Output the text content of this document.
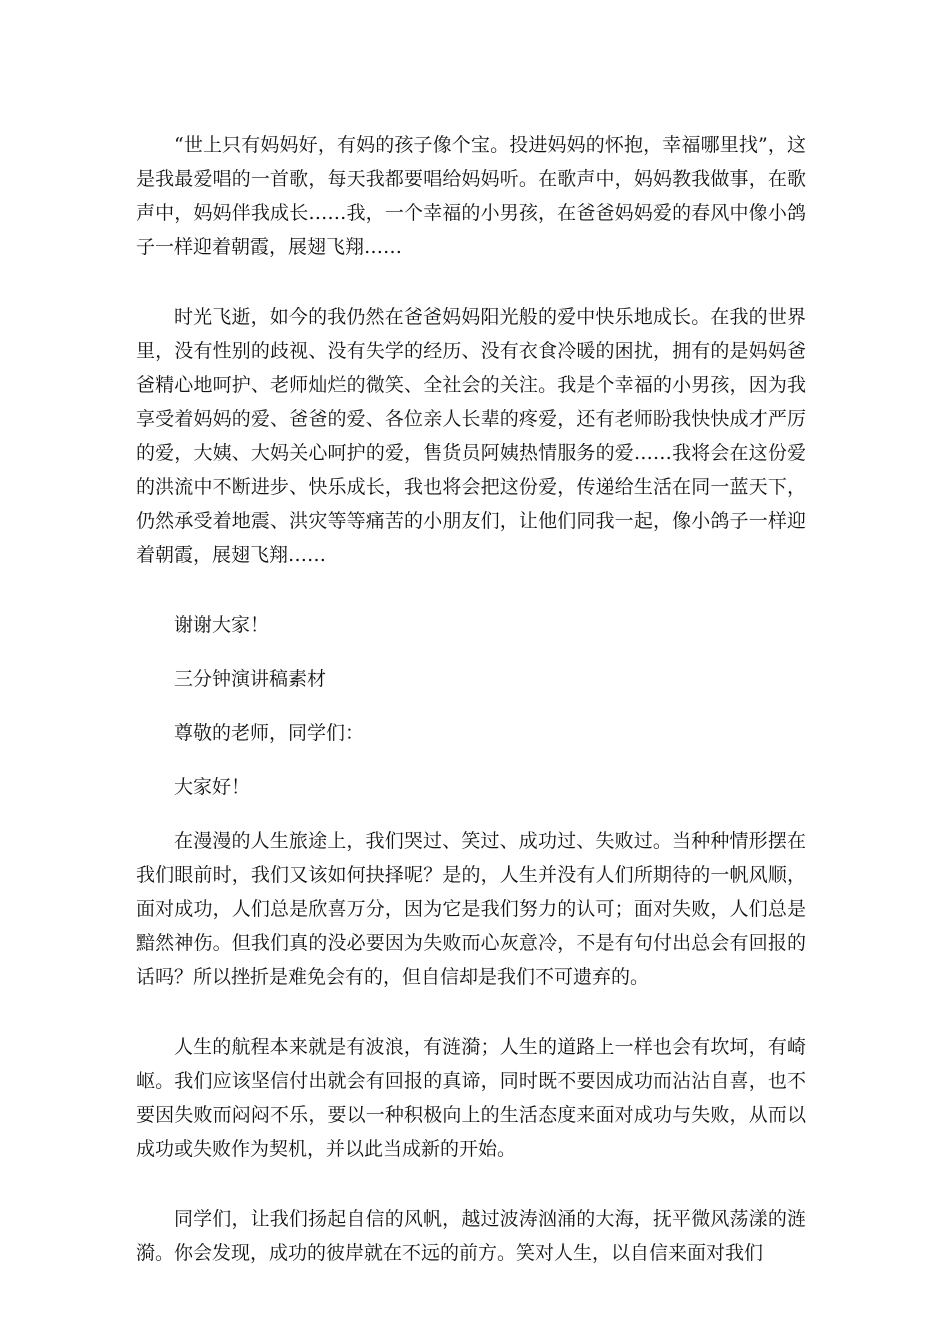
“世上只有妈妈好，有妈的孩子像个宝。投进妈妈的怀抱，幸福哪里找”，这是我最爱唱的一首歌，每天我都要唱给妈妈听。在歌声中，妈妈教我做事，在歌声中，妈妈伴我成长……我，一个幸福的小男孩，在爸爸妈妈爱的春风中像小鸽子一样迎着朝霞，展翅飞翔……

时光飞逝，如今的我仍然在爸爸妈妈阳光般的爱中快乐地成长。在我的世界里，没有性别的歧视、没有失学的经历、没有衣食冷暖的困扰，拥有的是妈妈爸爸精心地呵护、老师灿烂的微笑、全社会的关注。我是个幸福的小男孩，因为我享受着妈妈的爱、爸爸的爱、各位亲人长辈的疼爱，还有老师盼我快快成才严厉的爱，大姨、大妈关心呵护的爱，售货员阿姨热情服务的爱……我将会在这份爱的洪流中不断进步、快乐成长，我也将会把这份爱，传递给生活在同一蓝天下，仍然承受着地震、洪灾等等痛苦的小朋友们，让他们同我一起，像小鸽子一样迎着朝霞，展翅飞翔……

谢谢大家！

三分钟演讲稿素材

尊敬的老师，同学们：

大家好！

在漫漫的人生旅途上，我们哭过、笑过、成功过、失败过。当种种情形摆在我们眼前时，我们又该如何抉择呢？是的，人生并没有人们所期待的一帆风顺，面对成功，人们总是欣喜万分，因为它是我们努力的认可；面对失败，人们总是黯然神伤。但我们真的没必要因为失败而心灰意冷，不是有句付出总会有回报的话吗？所以挫折是难免会有的，但自信却是我们不可遗弃的。

人生的航程本来就是有波浪，有涟漪；人生的道路上一样也会有坎坷，有崎岖。我们应该坚信付出就会有回报的真谛，同时既不要因成功而沾沾自喜，也不要因失败而闷闷不乐，要以一种积极向上的生活态度来面对成功与失败，从而以成功或失败作为契机，并以此当成新的开始。

同学们，让我们扬起自信的风帆，越过波涛汹涌的大海，抚平微风荡漾的涟漪。你会发现，成功的彼岸就在不远的前方。笑对人生，以自信来面对我们
